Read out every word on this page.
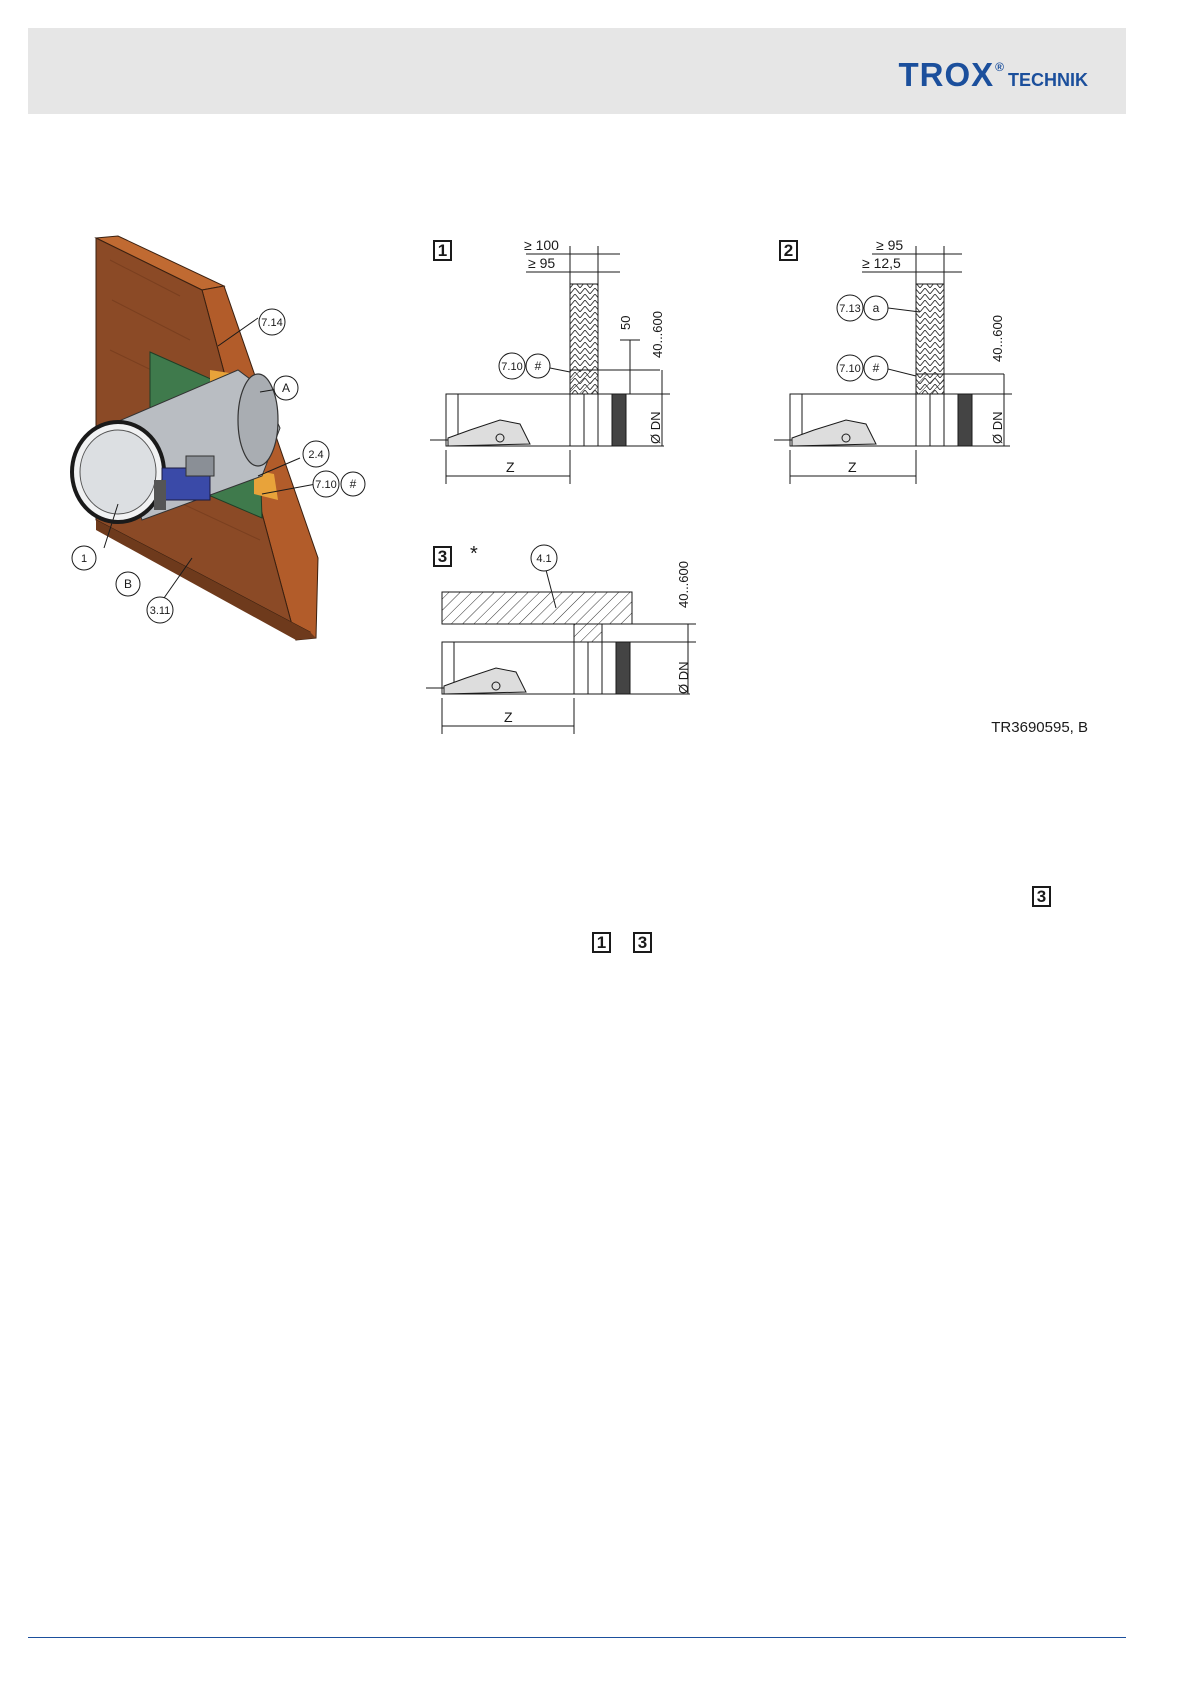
TROX ®
TECHNIK
7.14
A
2.4
7.10 #
1
B
3.11
≥ 100
≥ 95
50 40...600
Ø DN
Z
7.10 #
≥ 95
≥ 12,5
40...600
Ø DN
Z
7.13 a
7.10 #
*
40...600
Ø DN
Z
4.1
TR3690595, B
1	2
3
3
1 3
